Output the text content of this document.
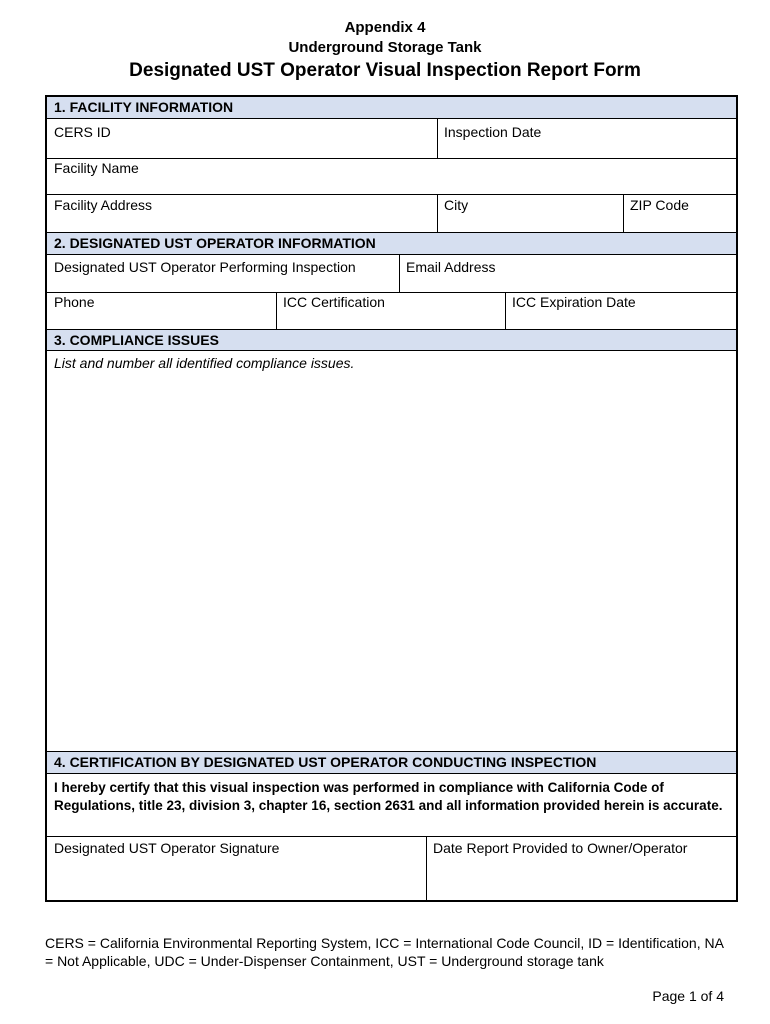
Appendix 4
Underground Storage Tank
Designated UST Operator Visual Inspection Report Form
1. FACILITY INFORMATION
CERS ID	Inspection Date
Facility Name
Facility Address	City	ZIP Code
2. DESIGNATED UST OPERATOR INFORMATION
Designated UST Operator Performing Inspection	Email Address
Phone	ICC Certification	ICC Expiration Date
3. COMPLIANCE ISSUES
List and number all identified compliance issues.
4. CERTIFICATION BY DESIGNATED UST OPERATOR CONDUCTING INSPECTION
I hereby certify that this visual inspection was performed in compliance with California Code of Regulations, title 23, division 3, chapter 16, section 2631 and all information provided herein is accurate.
Designated UST Operator Signature	Date Report Provided to Owner/Operator
CERS = California Environmental Reporting System, ICC = International Code Council, ID = Identification, NA = Not Applicable, UDC = Under-Dispenser Containment, UST = Underground storage tank
Page 1 of 4
